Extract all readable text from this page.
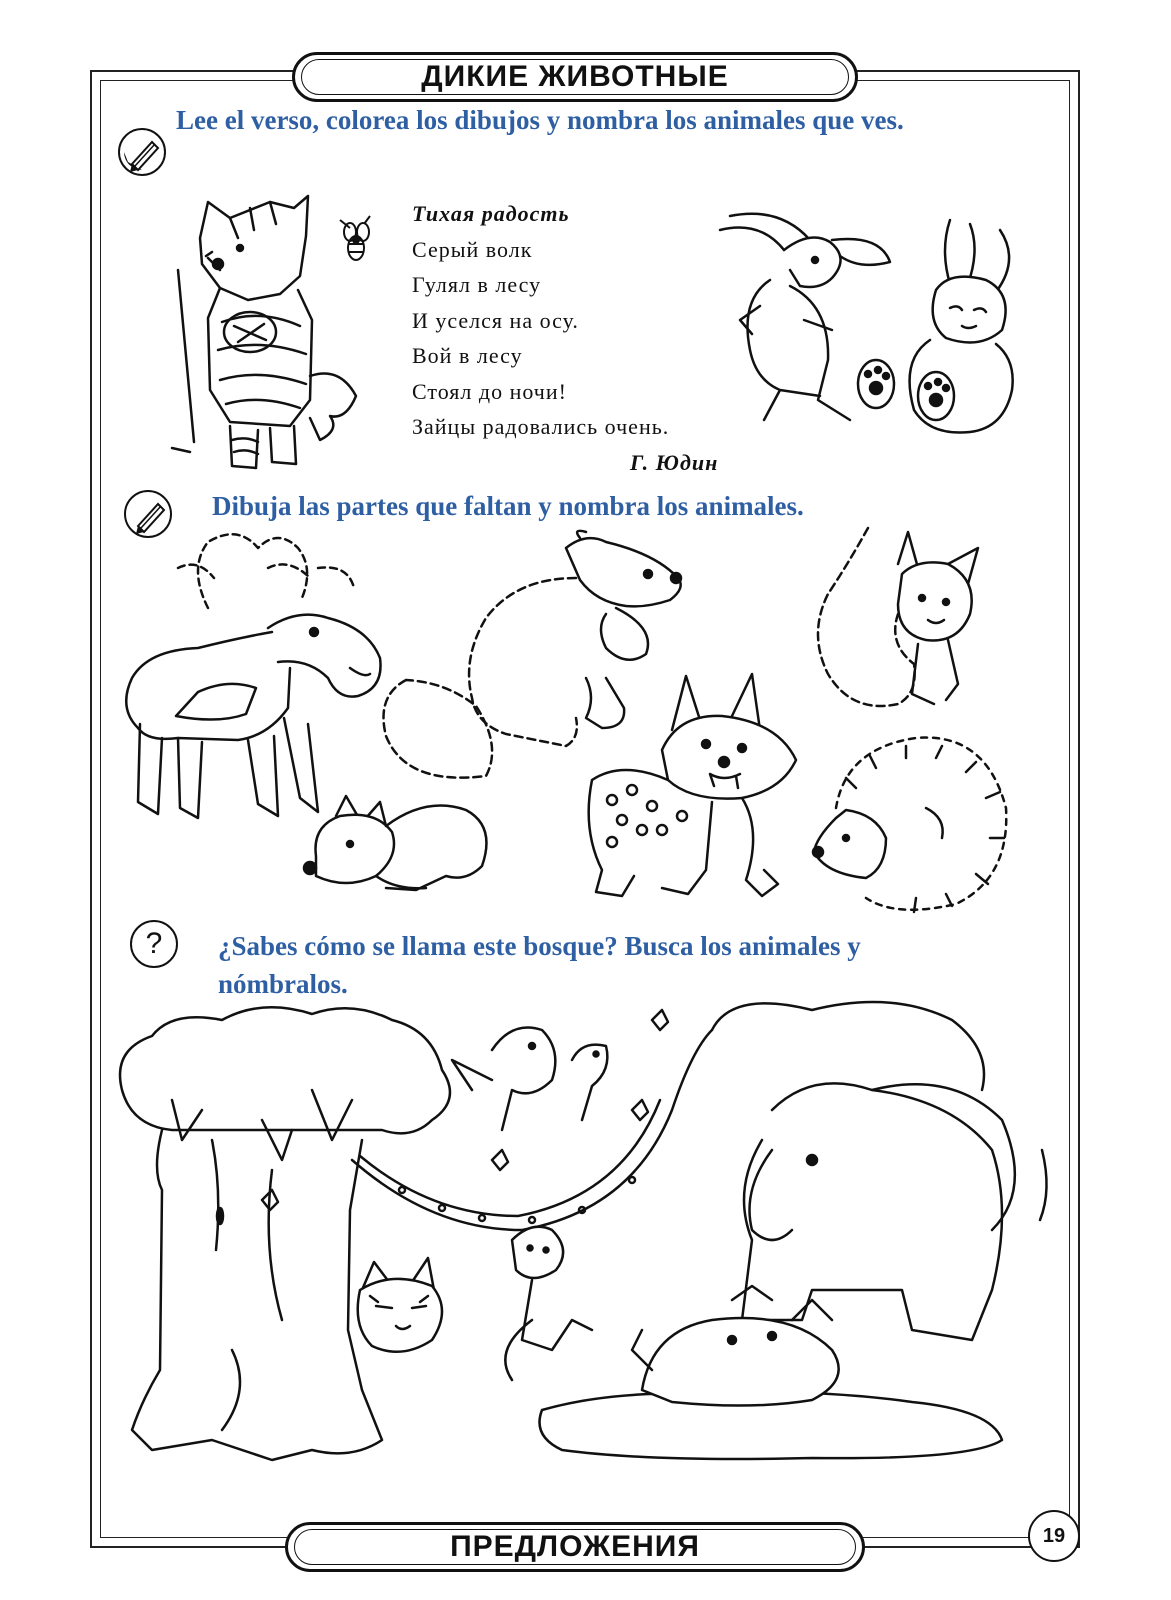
ДИКИЕ ЖИВОТНЫЕ
Lee el verso, colorea los dibujos y nombra los animales que ves.
Тихая радость
Серый волк
Гулял в лесу
И уселся на осу.
Вой в лесу
Стоял до ночи!
Зайцы радовались очень.
Г. Юдин
Dibuja las partes que faltan y nombra los animales.
?	¿Sabes cómo se llama este bosque? Busca los animales y
nómbralos.
ПРЕДЛОЖЕНИЯ	19
